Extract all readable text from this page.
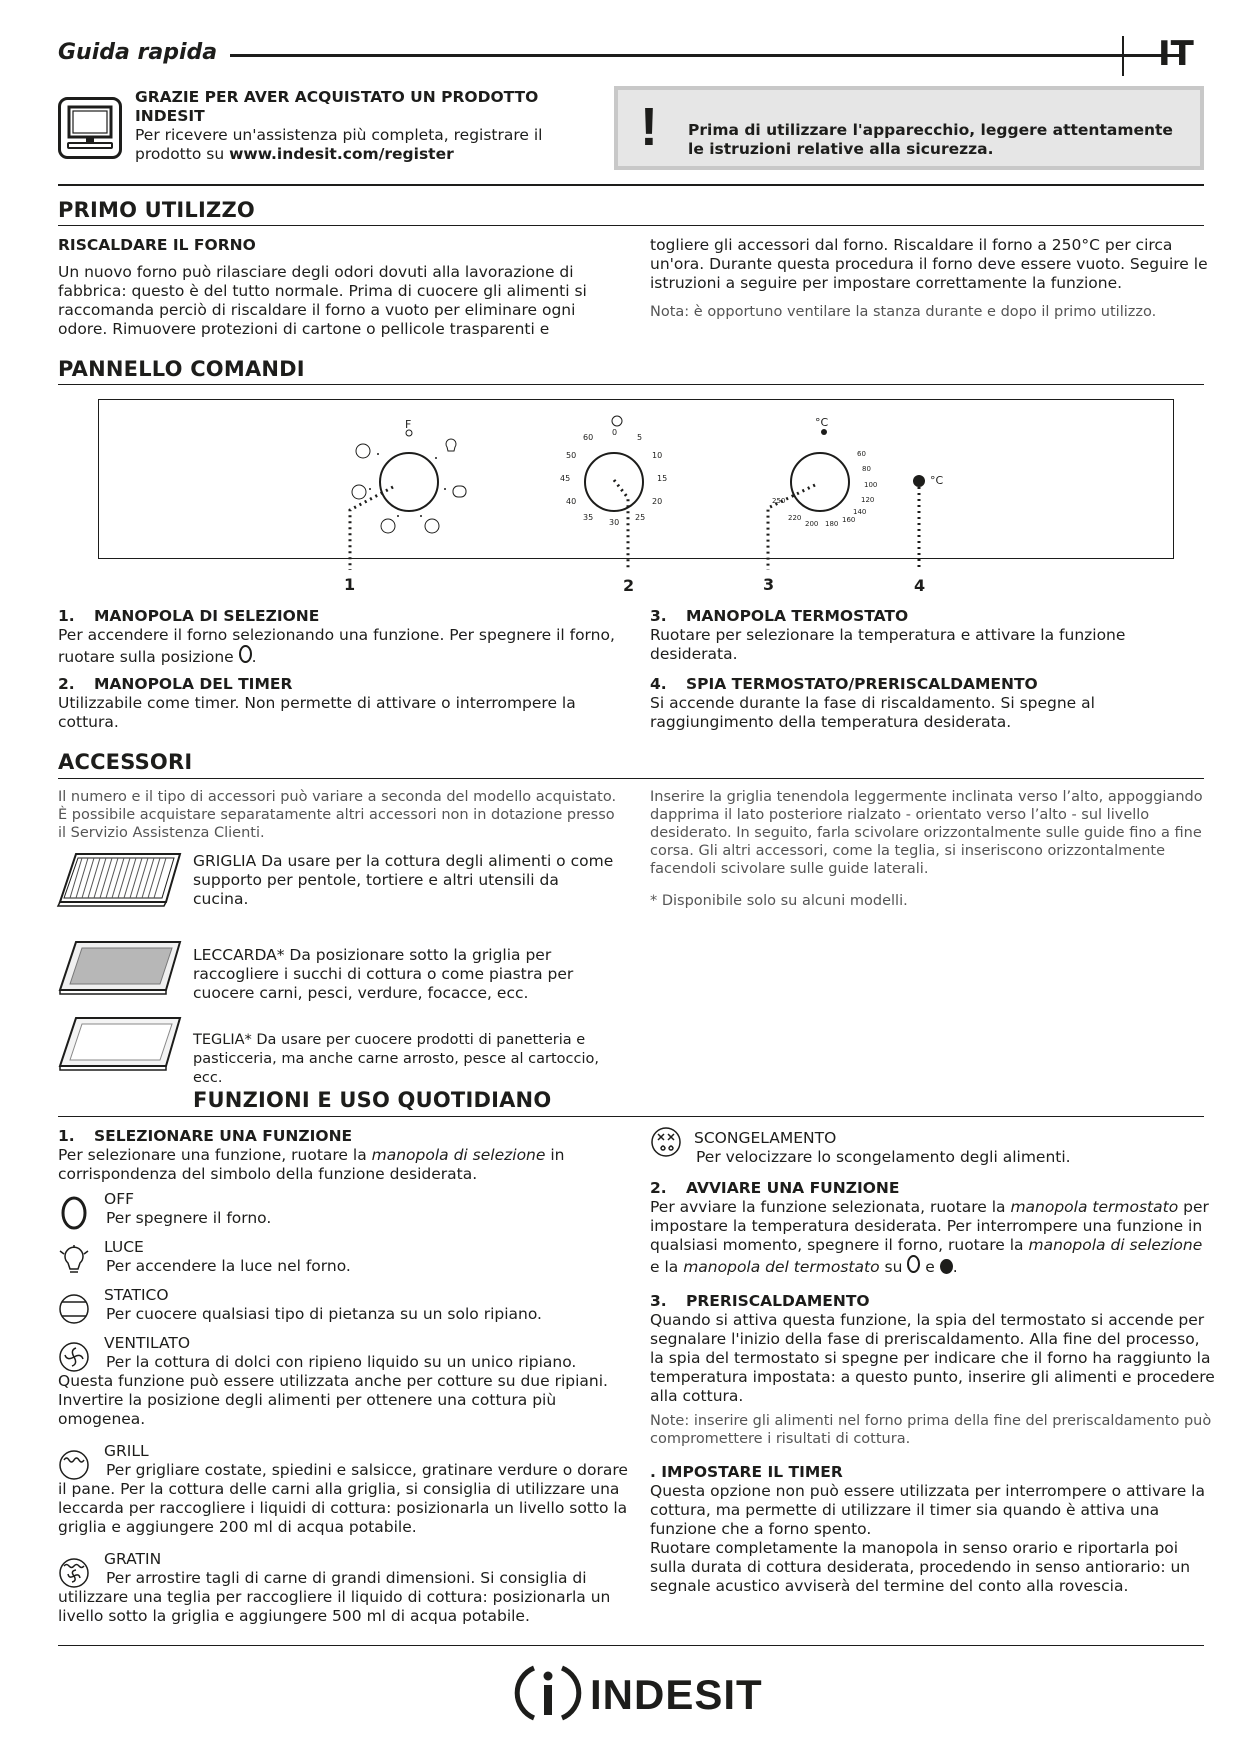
Guida rapida	IT
GRAZIE PER AVER ACQUISTATO UN PRODOTTO INDESIT
Per ricevere un'assistenza più completa, registrare il prodotto su www.indesit.com/register	! Prima di utilizzare l'apparecchio, leggere attentamente le istruzioni relative alla sicurezza.
PRIMO UTILIZZO
RISCALDARE IL FORNO
Un nuovo forno può rilasciare degli odori dovuti alla lavorazione di fabbrica: questo è del tutto normale. Prima di cuocere gli alimenti si raccomanda perciò di riscaldare il forno a vuoto per eliminare ogni odore. Rimuovere protezioni di cartone o pellicole trasparenti e
togliere gli accessori dal forno. Riscaldare il forno a 250°C per circa un'ora. Durante questa procedura il forno deve essere vuoto. Seguire le istruzioni a seguire per impostare correttamente la funzione.
Nota: è opportuno ventilare la stanza durante e dopo il primo utilizzo.
PANNELLO COMANDI
F	°C
°C
60
0
5
50	10
45	15
40	20
35
30
25
60
80
100
120
140
160
180
200
220
250
1	2	3	4
1. MANOPOLA DI SELEZIONE
Per accendere il forno selezionando una funzione. Per spegnere il forno, ruotare sulla posizione .
2. MANOPOLA DEL TIMER
Utilizzabile come timer. Non permette di attivare o interrompere la cottura.
3. MANOPOLA TERMOSTATO
Ruotare per selezionare la temperatura e attivare la funzione desiderata.
4. SPIA TERMOSTATO/PRERISCALDAMENTO
Si accende durante la fase di riscaldamento. Si spegne al raggiungimento della temperatura desiderata.
ACCESSORI
Il numero e il tipo di accessori può variare a seconda del modello acquistato. È possibile acquistare separatamente altri accessori non in dotazione presso il Servizio Assistenza Clienti.
Inserire la griglia tenendola leggermente inclinata verso l’alto, appoggiando dapprima il lato posteriore rialzato - orientato verso l’alto - sul livello desiderato. In seguito, farla scivolare orizzontalmente sulle guide fino a fine corsa. Gli altri accessori, come la teglia, si inseriscono orizzontalmente facendoli scivolare sulle guide laterali.
* Disponibile solo su alcuni modelli.
GRIGLIA Da usare per la cottura degli alimenti o come supporto per pentole, tortiere e altri utensili da cucina.
LECCARDA* Da posizionare sotto la griglia per raccogliere i succhi di cottura o come piastra per cuocere carni, pesci, verdure, focacce, ecc.
TEGLIA* Da usare per cuocere prodotti di panetteria e pasticceria, ma anche carne arrosto, pesce al cartoccio, ecc.
FUNZIONI E USO QUOTIDIANO
1. SELEZIONARE UNA FUNZIONE
Per selezionare una funzione, ruotare la manopola di selezione in corrispondenza del simbolo della funzione desiderata.
OFF
Per spegnere il forno.
LUCE
Per accendere la luce nel forno.
STATICO
Per cuocere qualsiasi tipo di pietanza su un solo ripiano.
VENTILATO
Per la cottura di dolci con ripieno liquido su un unico ripiano. Questa funzione può essere utilizzata anche per cotture su due ripiani. Invertire la posizione degli alimenti per ottenere una cottura più omogenea.
GRILL
Per grigliare costate, spiedini e salsicce, gratinare verdure o dorare il pane. Per la cottura delle carni alla griglia, si consiglia di utilizzare una leccarda per raccogliere i liquidi di cottura: posizionarla un livello sotto la griglia e aggiungere 200 ml di acqua potabile.
GRATIN
Per arrostire tagli di carne di grandi dimensioni. Si consiglia di utilizzare una teglia per raccogliere il liquido di cottura: posizionarla un livello sotto la griglia e aggiungere 500 ml di acqua potabile.
SCONGELAMENTO
Per velocizzare lo scongelamento degli alimenti.
2. AVVIARE UNA FUNZIONE
Per avviare la funzione selezionata, ruotare la manopola termostato per impostare la temperatura desiderata. Per interrompere una funzione in qualsiasi momento, spegnere il forno, ruotare la manopola di selezione e la manopola del termostato su  e .
3. PRERISCALDAMENTO
Quando si attiva questa funzione, la spia del termostato si accende per segnalare l'inizio della fase di preriscaldamento. Alla fine del processo, la spia del termostato si spegne per indicare che il forno ha raggiunto la temperatura impostata: a questo punto, inserire gli alimenti e procedere alla cottura.
Note: inserire gli alimenti nel forno prima della fine del preriscaldamento può compromettere i risultati di cottura.
. IMPOSTARE IL TIMER
Questa opzione non può essere utilizzata per interrompere o attivare la cottura, ma permette di utilizzare il timer sia quando è attiva una funzione che a forno spento.
Ruotare completamente la manopola in senso orario e riportarla poi sulla durata di cottura desiderata, procedendo in senso antiorario: un segnale acustico avviserà del termine del conto alla rovescia.
INDESIT
